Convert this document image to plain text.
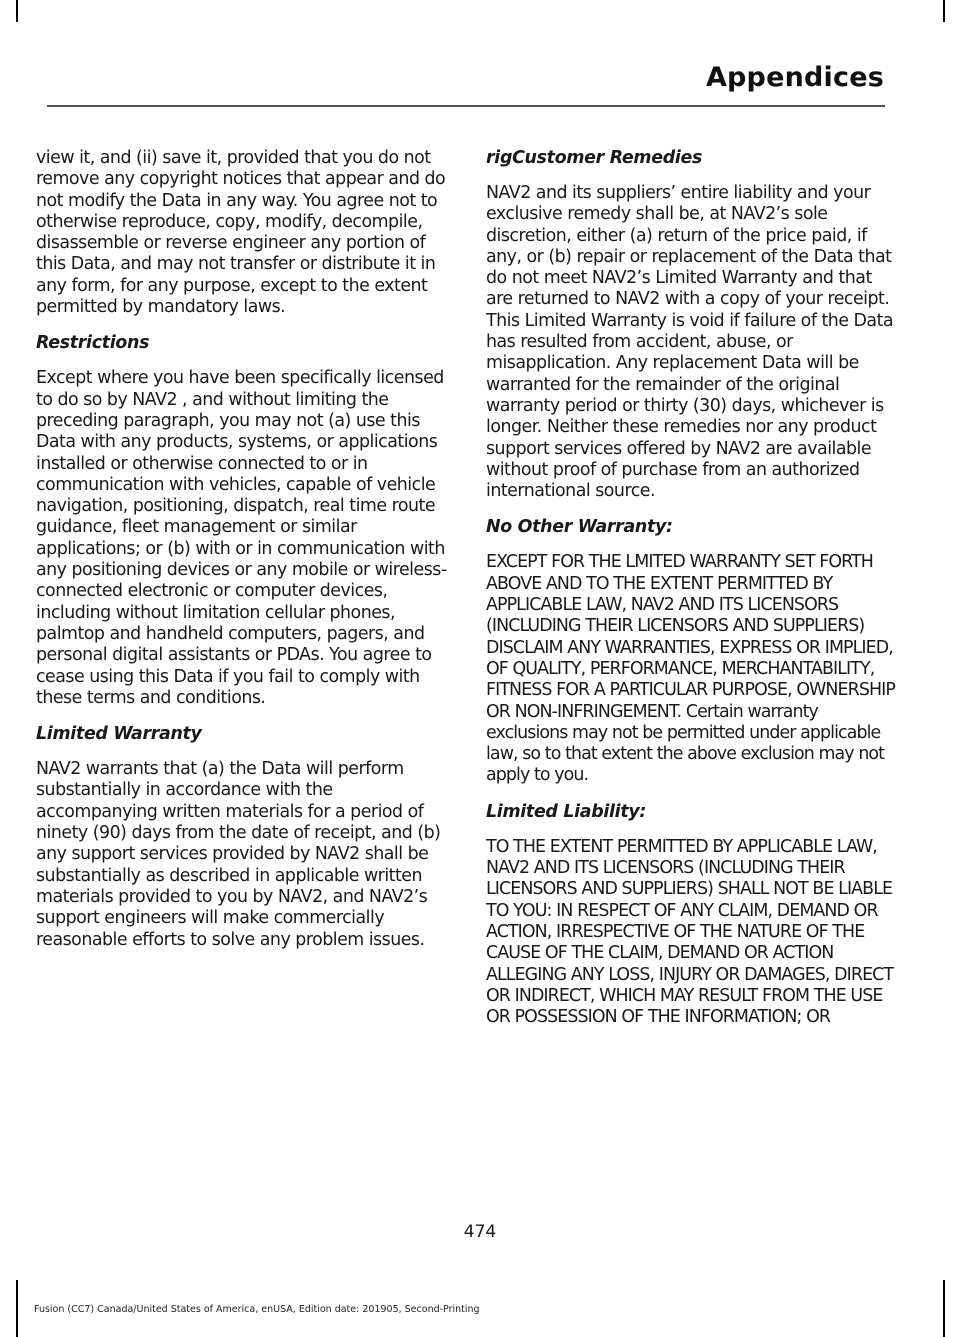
Appendices

view it, and (ii) save it, provided that you do not remove any copyright notices that appear and do not modify the Data in any way. You agree not to otherwise reproduce, copy, modify, decompile, disassemble or reverse engineer any portion of this Data, and may not transfer or distribute it in any form, for any purpose, except to the extent permitted by mandatory laws.

Restrictions

Except where you have been specifically licensed to do so by NAV2 , and without limiting the preceding paragraph, you may not (a) use this Data with any products, systems, or applications installed or otherwise connected to or in communication with vehicles, capable of vehicle navigation, positioning, dispatch, real time route guidance, fleet management or similar applications; or (b) with or in communication with any positioning devices or any mobile or wireless-connected electronic or computer devices, including without limitation cellular phones, palmtop and handheld computers, pagers, and personal digital assistants or PDAs. You agree to cease using this Data if you fail to comply with these terms and conditions.

Limited Warranty

NAV2 warrants that (a) the Data will perform substantially in accordance with the accompanying written materials for a period of ninety (90) days from the date of receipt, and (b) any support services provided by NAV2 shall be substantially as described in applicable written materials provided to you by NAV2, and NAV2’s support engineers will make commercially reasonable efforts to solve any problem issues.

rigCustomer Remedies

NAV2 and its suppliers’ entire liability and your exclusive remedy shall be, at NAV2’s sole discretion, either (a) return of the price paid, if any, or (b) repair or replacement of the Data that do not meet NAV2’s Limited Warranty and that are returned to NAV2 with a copy of your receipt. This Limited Warranty is void if failure of the Data has resulted from accident, abuse, or misapplication. Any replacement Data will be warranted for the remainder of the original warranty period or thirty (30) days, whichever is longer. Neither these remedies nor any product support services offered by NAV2 are available without proof of purchase from an authorized international source.

No Other Warranty:

EXCEPT FOR THE LMITED WARRANTY SET FORTH ABOVE AND TO THE EXTENT PERMITTED BY APPLICABLE LAW, NAV2 AND ITS LICENSORS (INCLUDING THEIR LICENSORS AND SUPPLIERS) DISCLAIM ANY WARRANTIES, EXPRESS OR IMPLIED, OF QUALITY, PERFORMANCE, MERCHANTABILITY, FITNESS FOR A PARTICULAR PURPOSE, OWNERSHIP OR NON-INFRINGEMENT. Certain warranty exclusions may not be permitted under applicable law, so to that extent the above exclusion may not apply to you.

Limited Liability:

TO THE EXTENT PERMITTED BY APPLICABLE LAW, NAV2 AND ITS LICENSORS (INCLUDING THEIR LICENSORS AND SUPPLIERS) SHALL NOT BE LIABLE TO YOU: IN RESPECT OF ANY CLAIM, DEMAND OR ACTION, IRRESPECTIVE OF THE NATURE OF THE CAUSE OF THE CLAIM, DEMAND OR ACTION ALLEGING ANY LOSS, INJURY OR DAMAGES, DIRECT OR INDIRECT, WHICH MAY RESULT FROM THE USE OR POSSESSION OF THE INFORMATION; OR

474
Fusion (CC7) Canada/United States of America, enUSA, Edition date: 201905, Second-Printing
